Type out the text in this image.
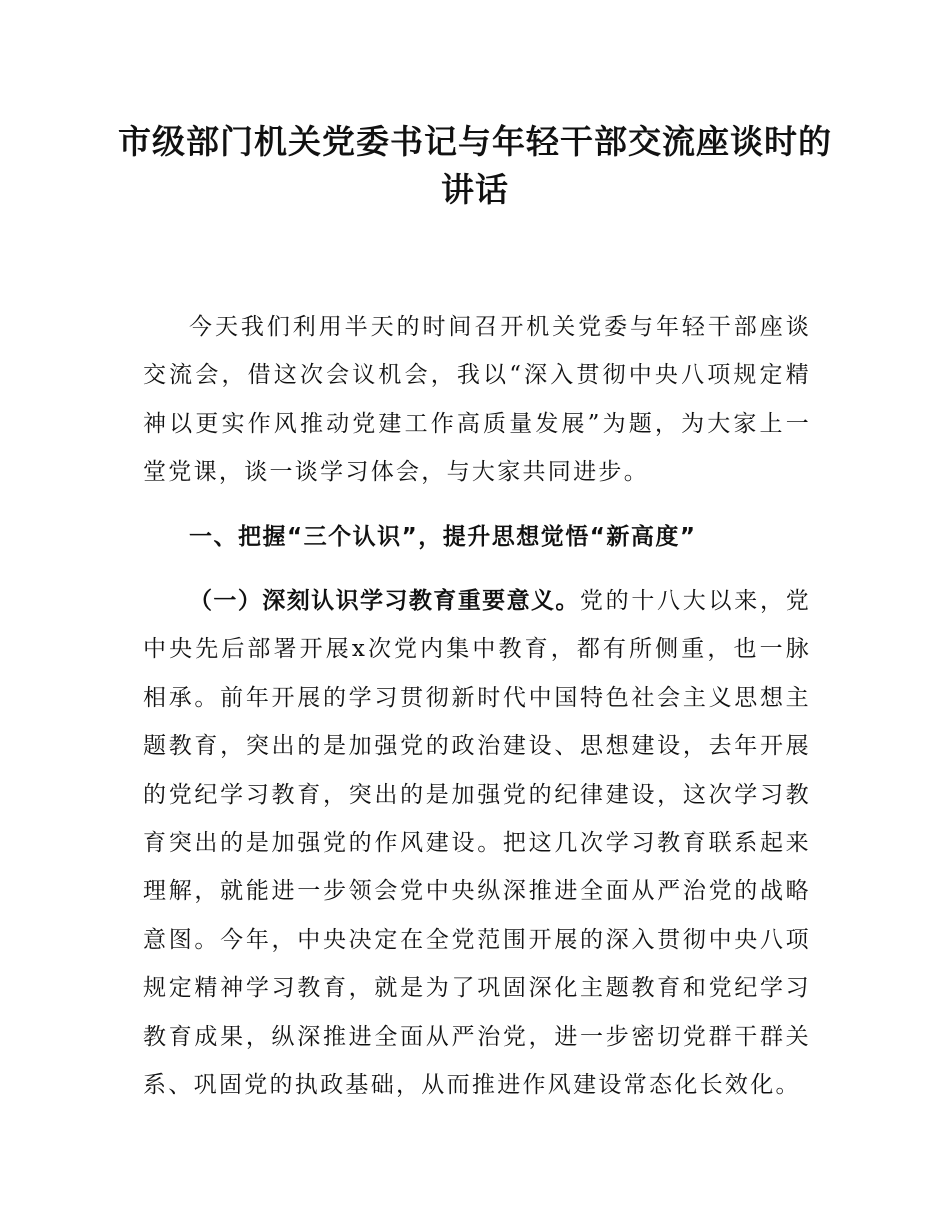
市级部门机关党委书记与年轻干部交流座谈时的讲话

今天我们利用半天的时间召开机关党委与年轻干部座谈交流会，借这次会议机会，我以“深入贯彻中央八项规定精神以更实作风推动党建工作高质量发展”为题，为大家上一堂党课，谈一谈学习体会，与大家共同进步。

一、把握“三个认识”，提升思想觉悟“新高度”

（一）深刻认识学习教育重要意义。党的十八大以来，党中央先后部署开展x次党内集中教育，都有所侧重，也一脉相承。前年开展的学习贯彻新时代中国特色社会主义思想主题教育，突出的是加强党的政治建设、思想建设，去年开展的党纪学习教育，突出的是加强党的纪律建设，这次学习教育突出的是加强党的作风建设。把这几次学习教育联系起来理解，就能进一步领会党中央纵深推进全面从严治党的战略意图。今年，中央决定在全党范围开展的深入贯彻中央八项规定精神学习教育，就是为了巩固深化主题教育和党纪学习教育成果，纵深推进全面从严治党，进一步密切党群干群关系、巩固党的执政基础，从而推进作风建设常态化长效化。
